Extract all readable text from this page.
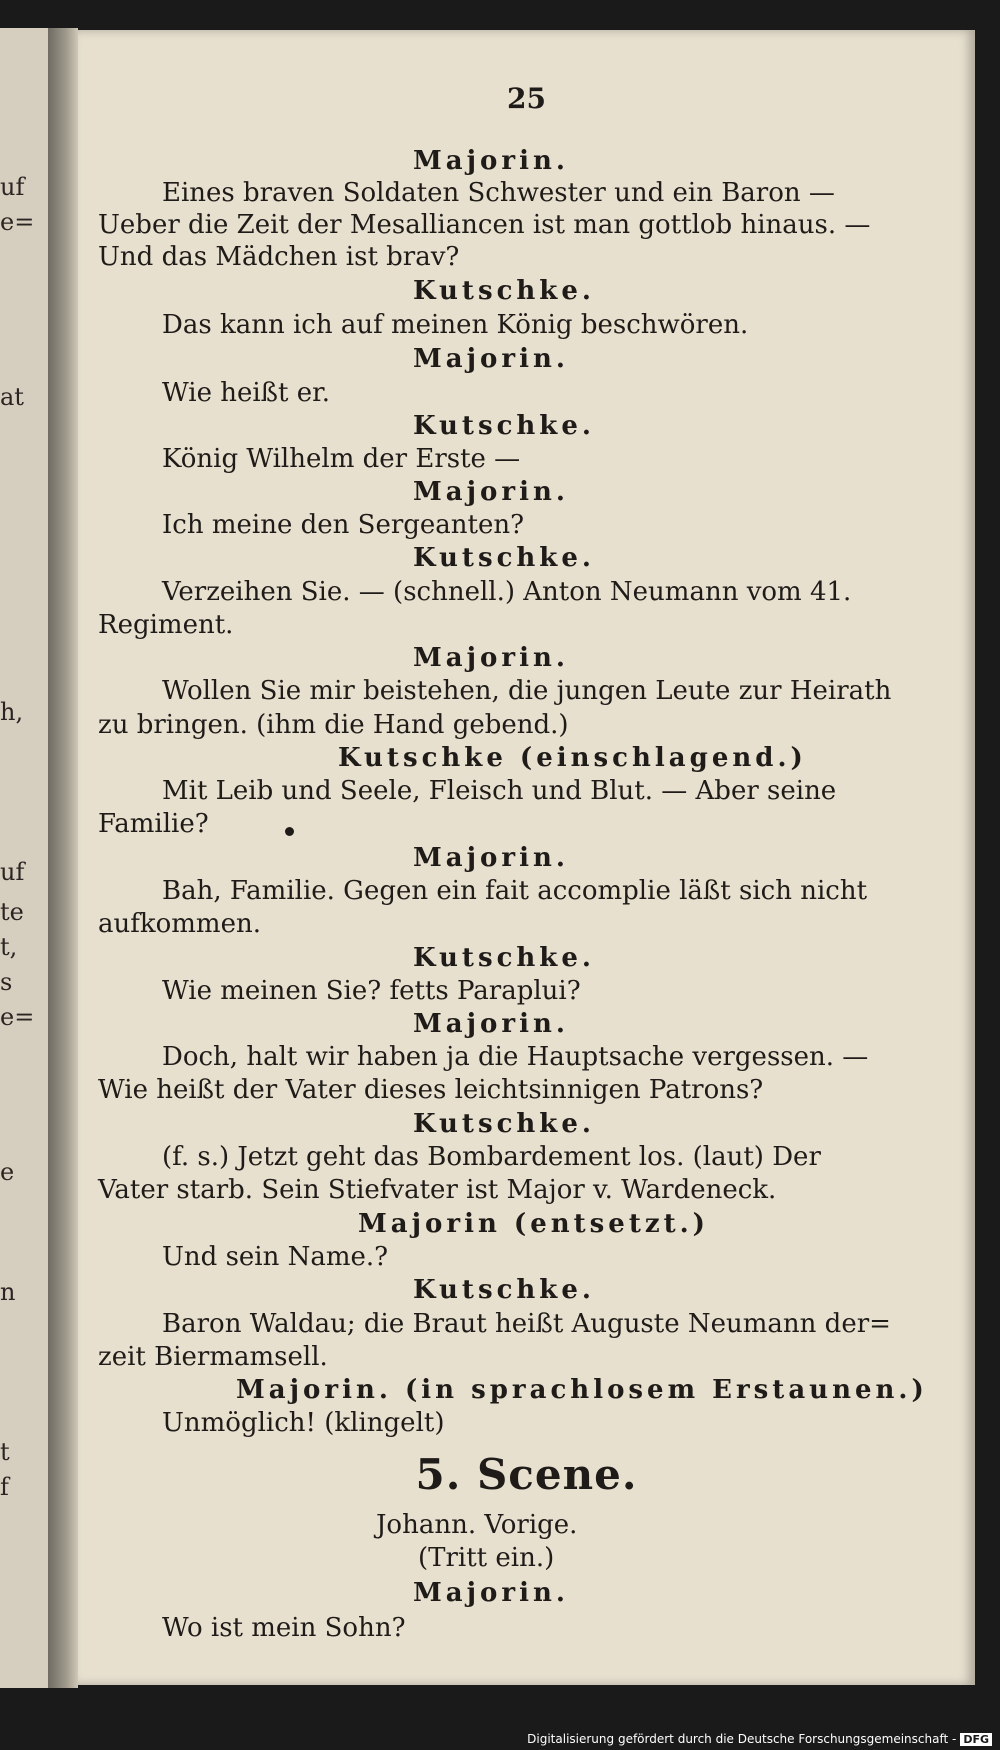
uf
e=
at
h,
uf
te
t,
s
e=
e
n
t
f
25
Majorin.
Eines braven Soldaten Schwester und ein Baron —
Ueber die Zeit der Mesalliancen ist man gottlob hinaus. —
Und das Mädchen ist brav?
Kutschke.
Das kann ich auf meinen König beschwören.
Majorin.
Wie heißt er.
Kutschke.
König Wilhelm der Erste —
Majorin.
Ich meine den Sergeanten?
Kutschke.
Verzeihen Sie. — (schnell.) Anton Neumann vom 41.
Regiment.
Majorin.
Wollen Sie mir beistehen, die jungen Leute zur Heirath
zu bringen. (ihm die Hand gebend.)
Kutschke (einschlagend.)
Mit Leib und Seele, Fleisch und Blut. — Aber seine
Familie?
Majorin.
Bah, Familie. Gegen ein fait accomplie läßt sich nicht
aufkommen.
Kutschke.
Wie meinen Sie? fetts Paraplui?
Majorin.
Doch, halt wir haben ja die Hauptsache vergessen. —
Wie heißt der Vater dieses leichtsinnigen Patrons?
Kutschke.
(f. s.) Jetzt geht das Bombardement los. (laut) Der
Vater starb. Sein Stiefvater ist Major v. Wardeneck.
Majorin (entsetzt.)
Und sein Name.?
Kutschke.
Baron Waldau; die Braut heißt Auguste Neumann der=
zeit Biermamsell.
Majorin. (in sprachlosem Erstaunen.)
Unmöglich! (klingelt)
5. Scene.
Johann. Vorige.
(Tritt ein.)
Majorin.
Wo ist mein Sohn?
Digitalisierung gefördert durch die Deutsche Forschungsgemeinschaft - DFG
